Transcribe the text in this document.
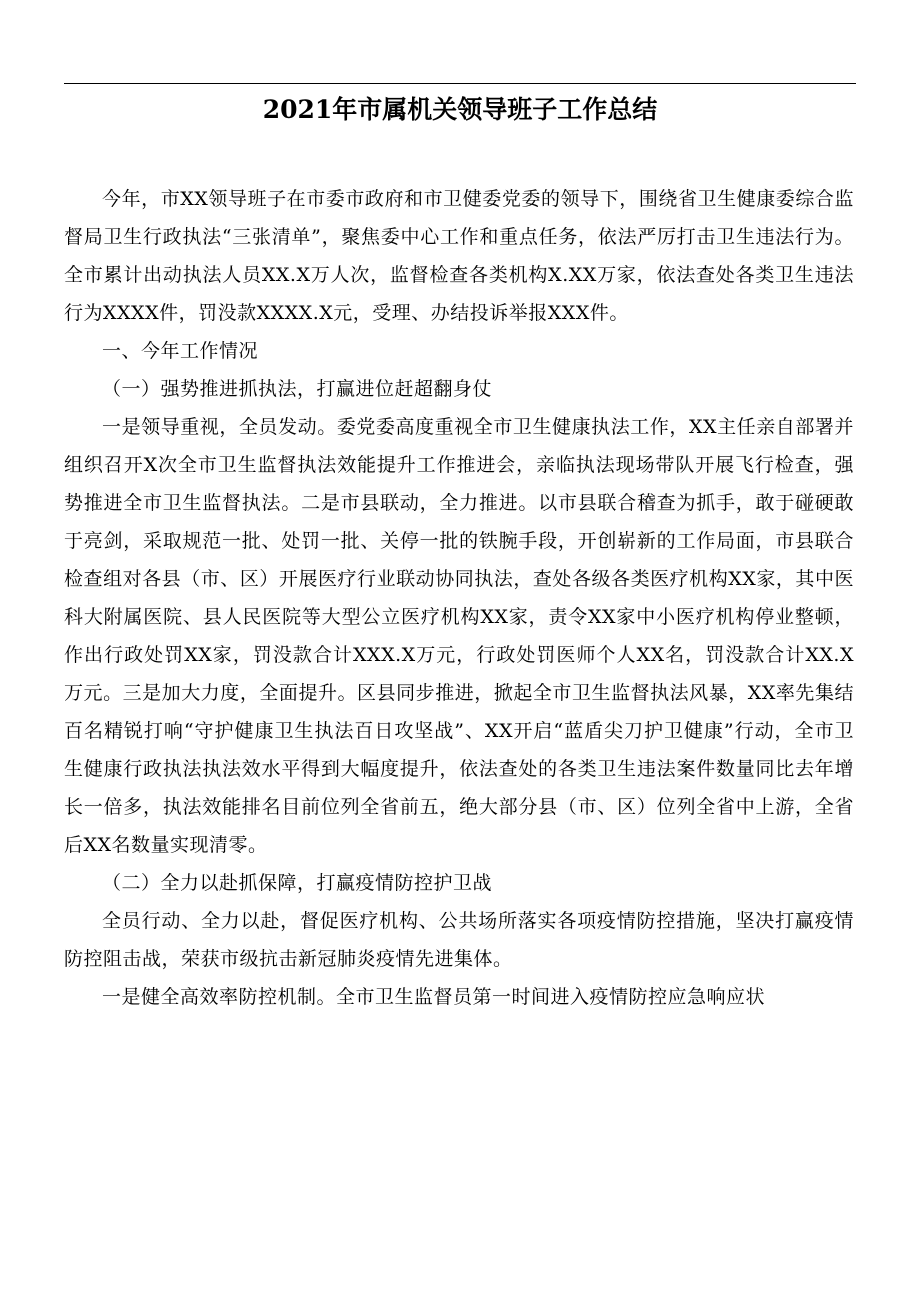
2021年市属机关领导班子工作总结

今年，市XX领导班子在市委市政府和市卫健委党委的领导下，围绕省卫生健康委综合监督局卫生行政执法“三张清单”，聚焦委中心工作和重点任务，依法严厉打击卫生违法行为。全市累计出动执法人员XX.X万人次，监督检查各类机构X.XX万家，依法查处各类卫生违法行为XXXX件，罚没款XXXX.X元，受理、办结投诉举报XXX件。

一、今年工作情况

（一）强势推进抓执法，打赢进位赶超翻身仗

一是领导重视，全员发动。委党委高度重视全市卫生健康执法工作，XX主任亲自部署并组织召开X次全市卫生监督执法效能提升工作推进会，亲临执法现场带队开展飞行检查，强势推进全市卫生监督执法。二是市县联动，全力推进。以市县联合稽查为抓手，敢于碰硬敢于亮剑，采取规范一批、处罚一批、关停一批的铁腕手段，开创崭新的工作局面，市县联合检查组对各县（市、区）开展医疗行业联动协同执法，查处各级各类医疗机构XX家，其中医科大附属医院、县人民医院等大型公立医疗机构XX家，责令XX家中小医疗机构停业整顿，作出行政处罚XX家，罚没款合计XXX.X万元，行政处罚医师个人XX名，罚没款合计XX.X万元。三是加大力度，全面提升。区县同步推进，掀起全市卫生监督执法风暴，XX率先集结百名精锐打响“守护健康卫生执法百日攻坚战”、XX开启“蓝盾尖刀护卫健康”行动，全市卫生健康行政执法执法效水平得到大幅度提升，依法查处的各类卫生违法案件数量同比去年增长一倍多，执法效能排名目前位列全省前五，绝大部分县（市、区）位列全省中上游，全省后XX名数量实现清零。

（二）全力以赴抓保障，打赢疫情防控护卫战

全员行动、全力以赴，督促医疗机构、公共场所落实各项疫情防控措施，坚决打赢疫情防控阻击战，荣获市级抗击新冠肺炎疫情先进集体。

一是健全高效率防控机制。全市卫生监督员第一时间进入疫情防控应急响应状
